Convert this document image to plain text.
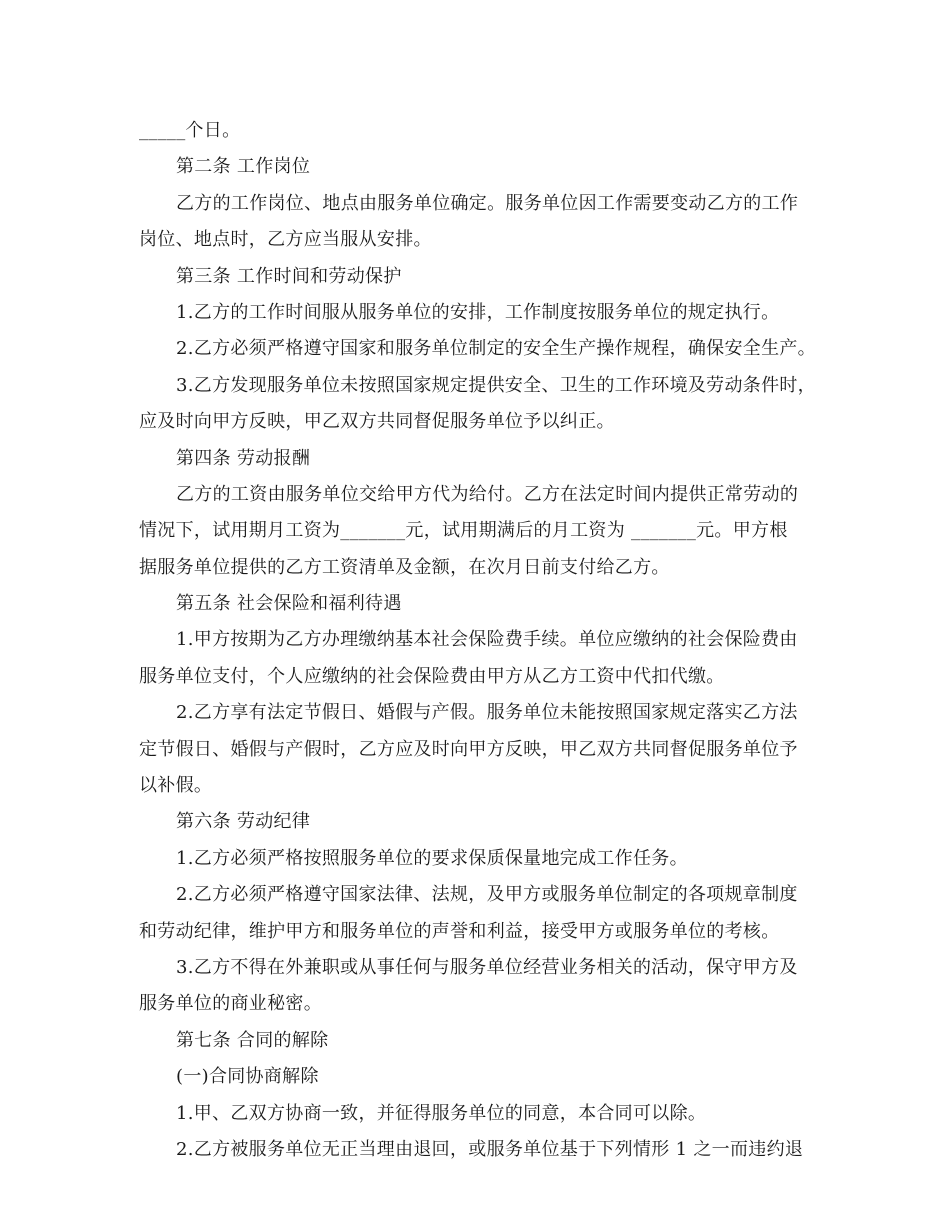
_____个日。
第二条 工作岗位
乙方的工作岗位、地点由服务单位确定。服务单位因工作需要变动乙方的工作
岗位、地点时，乙方应当服从安排。
第三条 工作时间和劳动保护
1.乙方的工作时间服从服务单位的安排，工作制度按服务单位的规定执行。
2.乙方必须严格遵守国家和服务单位制定的安全生产操作规程，确保安全生产。
3.乙方发现服务单位未按照国家规定提供安全、卫生的工作环境及劳动条件时，
应及时向甲方反映，甲乙双方共同督促服务单位予以纠正。
第四条 劳动报酬
乙方的工资由服务单位交给甲方代为给付。乙方在法定时间内提供正常劳动的
情况下，试用期月工资为_______元，试用期满后的月工资为 _______元。甲方根
据服务单位提供的乙方工资清单及金额，在次月日前支付给乙方。
第五条 社会保险和福利待遇
1.甲方按期为乙方办理缴纳基本社会保险费手续。单位应缴纳的社会保险费由
服务单位支付，个人应缴纳的社会保险费由甲方从乙方工资中代扣代缴。
2.乙方享有法定节假日、婚假与产假。服务单位未能按照国家规定落实乙方法
定节假日、婚假与产假时，乙方应及时向甲方反映，甲乙双方共同督促服务单位予
以补假。
第六条 劳动纪律
1.乙方必须严格按照服务单位的要求保质保量地完成工作任务。
2.乙方必须严格遵守国家法律、法规，及甲方或服务单位制定的各项规章制度
和劳动纪律，维护甲方和服务单位的声誉和利益，接受甲方或服务单位的考核。
3.乙方不得在外兼职或从事任何与服务单位经营业务相关的活动，保守甲方及
服务单位的商业秘密。
第七条 合同的解除
(一)合同协商解除
1.甲、乙双方协商一致，并征得服务单位的同意，本合同可以除。
2.乙方被服务单位无正当理由退回，或服务单位基于下列情形 1 之一而违约退
